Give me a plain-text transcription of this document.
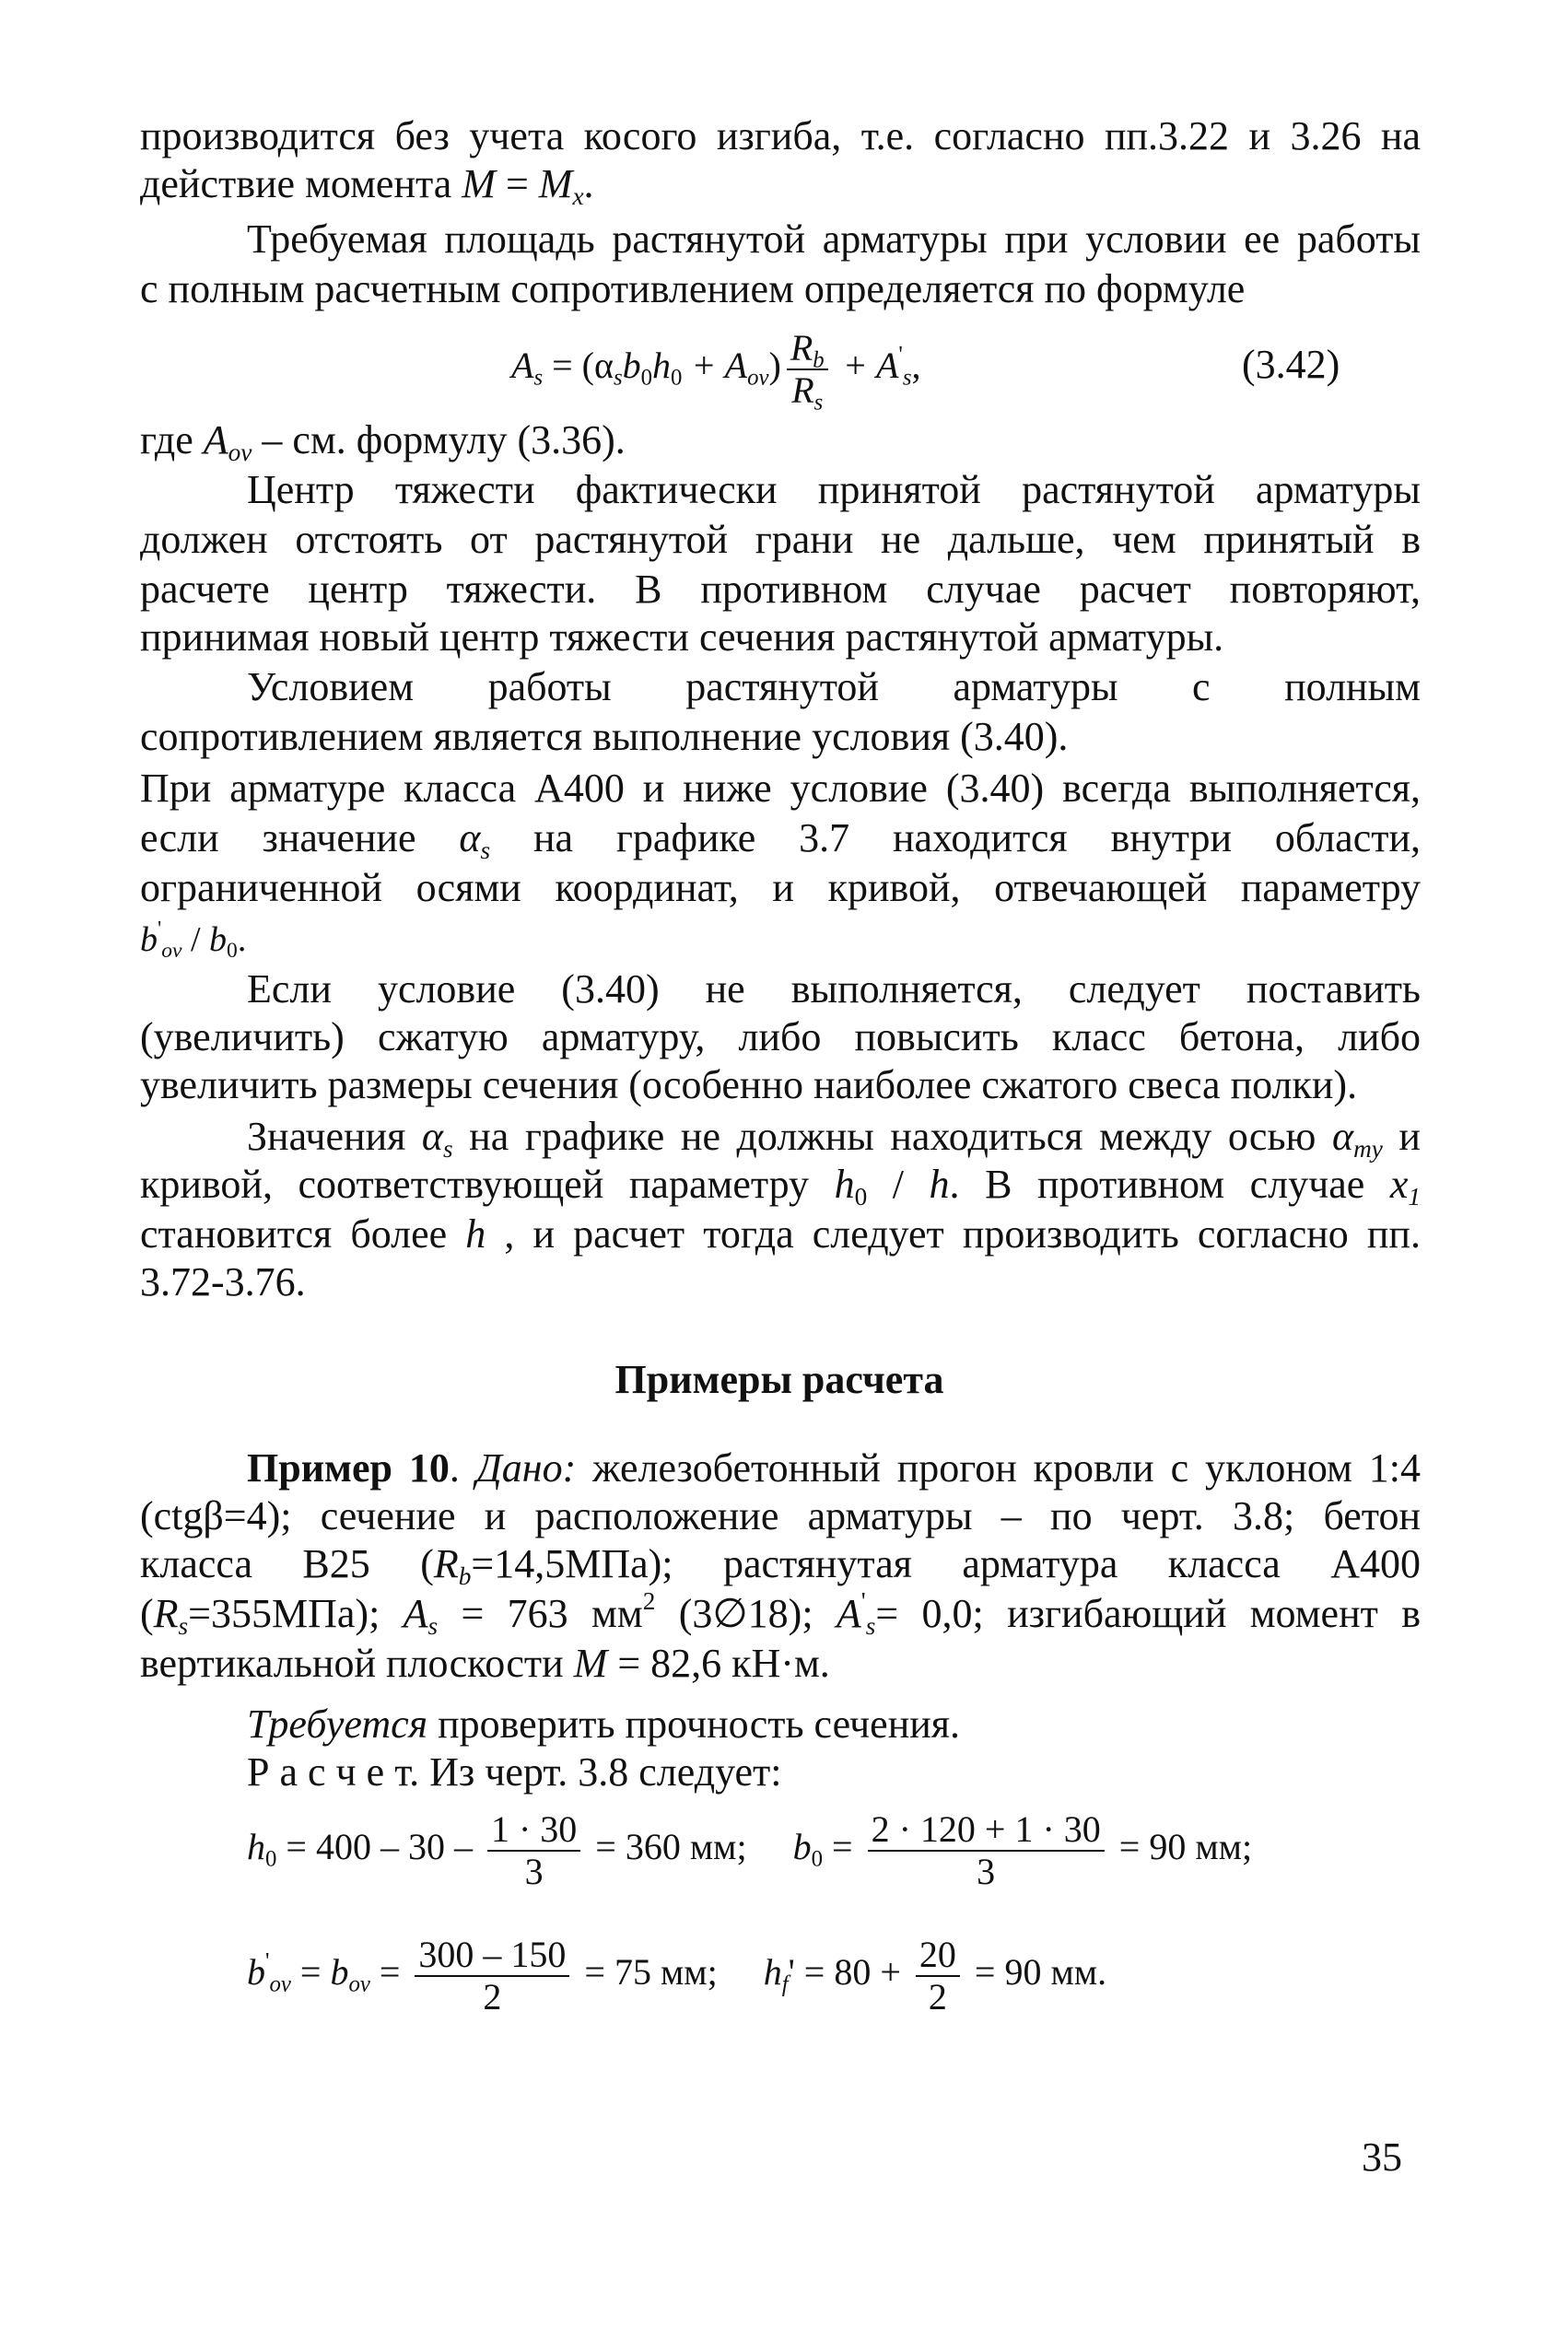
производится без учета косого изгиба, т.е. согласно пп.3.22 и 3.26 на
действие момента $M = M_x$.
Требуемая площадь растянутой арматуры при условии ее работы
с полным расчетным сопротивлением определяется по формуле
$A_s = (\alpha_sb_0h_0 + A_{ov}) \frac{R_b}{R_s} + A'_s$,	(3.42)
где $A_{ov}$ – см. формулу (3.36).
Центр тяжести фактически принятой растянутой арматуры
должен отстоять от растянутой грани не дальше, чем принятый в
расчете центр тяжести. В противном случае расчет повторяют,
принимая новый центр тяжести сечения растянутой арматуры.
Условием работы растянутой арматуры с полным
сопротивлением является выполнение условия (3.40).
При арматуре класса А400 и ниже условие (3.40) всегда выполняется,
если значение $\alpha_s$ на графике 3.7 находится внутри области,
ограниченной осями координат, и кривой, отвечающей параметру
$b'_{ov} / b_0$.
Если условие (3.40) не выполняется, следует поставить
(увеличить) сжатую арматуру, либо повысить класс бетона, либо
увеличить размеры сечения (особенно наиболее сжатого свеса полки).
Значения $\alpha_s$ на графике не должны находиться между осью $\alpha_{my}$ и
кривой, соответствующей параметру $h_0$ / h. В противном случае $x_1$
становится более h , и расчет тогда следует производить согласно пп.
3.72-3.76.
Примеры расчета
Пример 10. Дано: железобетонный прогон кровли с уклоном 1:4
(ctgβ=4); сечение и расположение арматуры – по черт. 3.8; бетон
класса В25 $(R_b=14,5МПа)$; растянутая арматура класса А400
$(R_s=355МПа)$; $A_s = 763$ $мм^2$ (3∅18); $A'_s= 0,0$; изгибающий момент в
вертикальной плоскости M = 82,6 кН·м.
Требуется проверить прочность сечения.
Р а с ч е т. Из черт. 3.8 следует:
$h_0 = 400 - 30 - \frac{1 \cdot 30}{3} = 360$ мм; $b_0 = \frac{2 \cdot 120 + 1 \cdot 30}{3} = 90$ мм;
$b'_{ov} = b_{ov} = \frac{300 - 150}{2} = 75$ мм; $h_f' = 80 + \frac{20}{2} = 90$ мм.
35
